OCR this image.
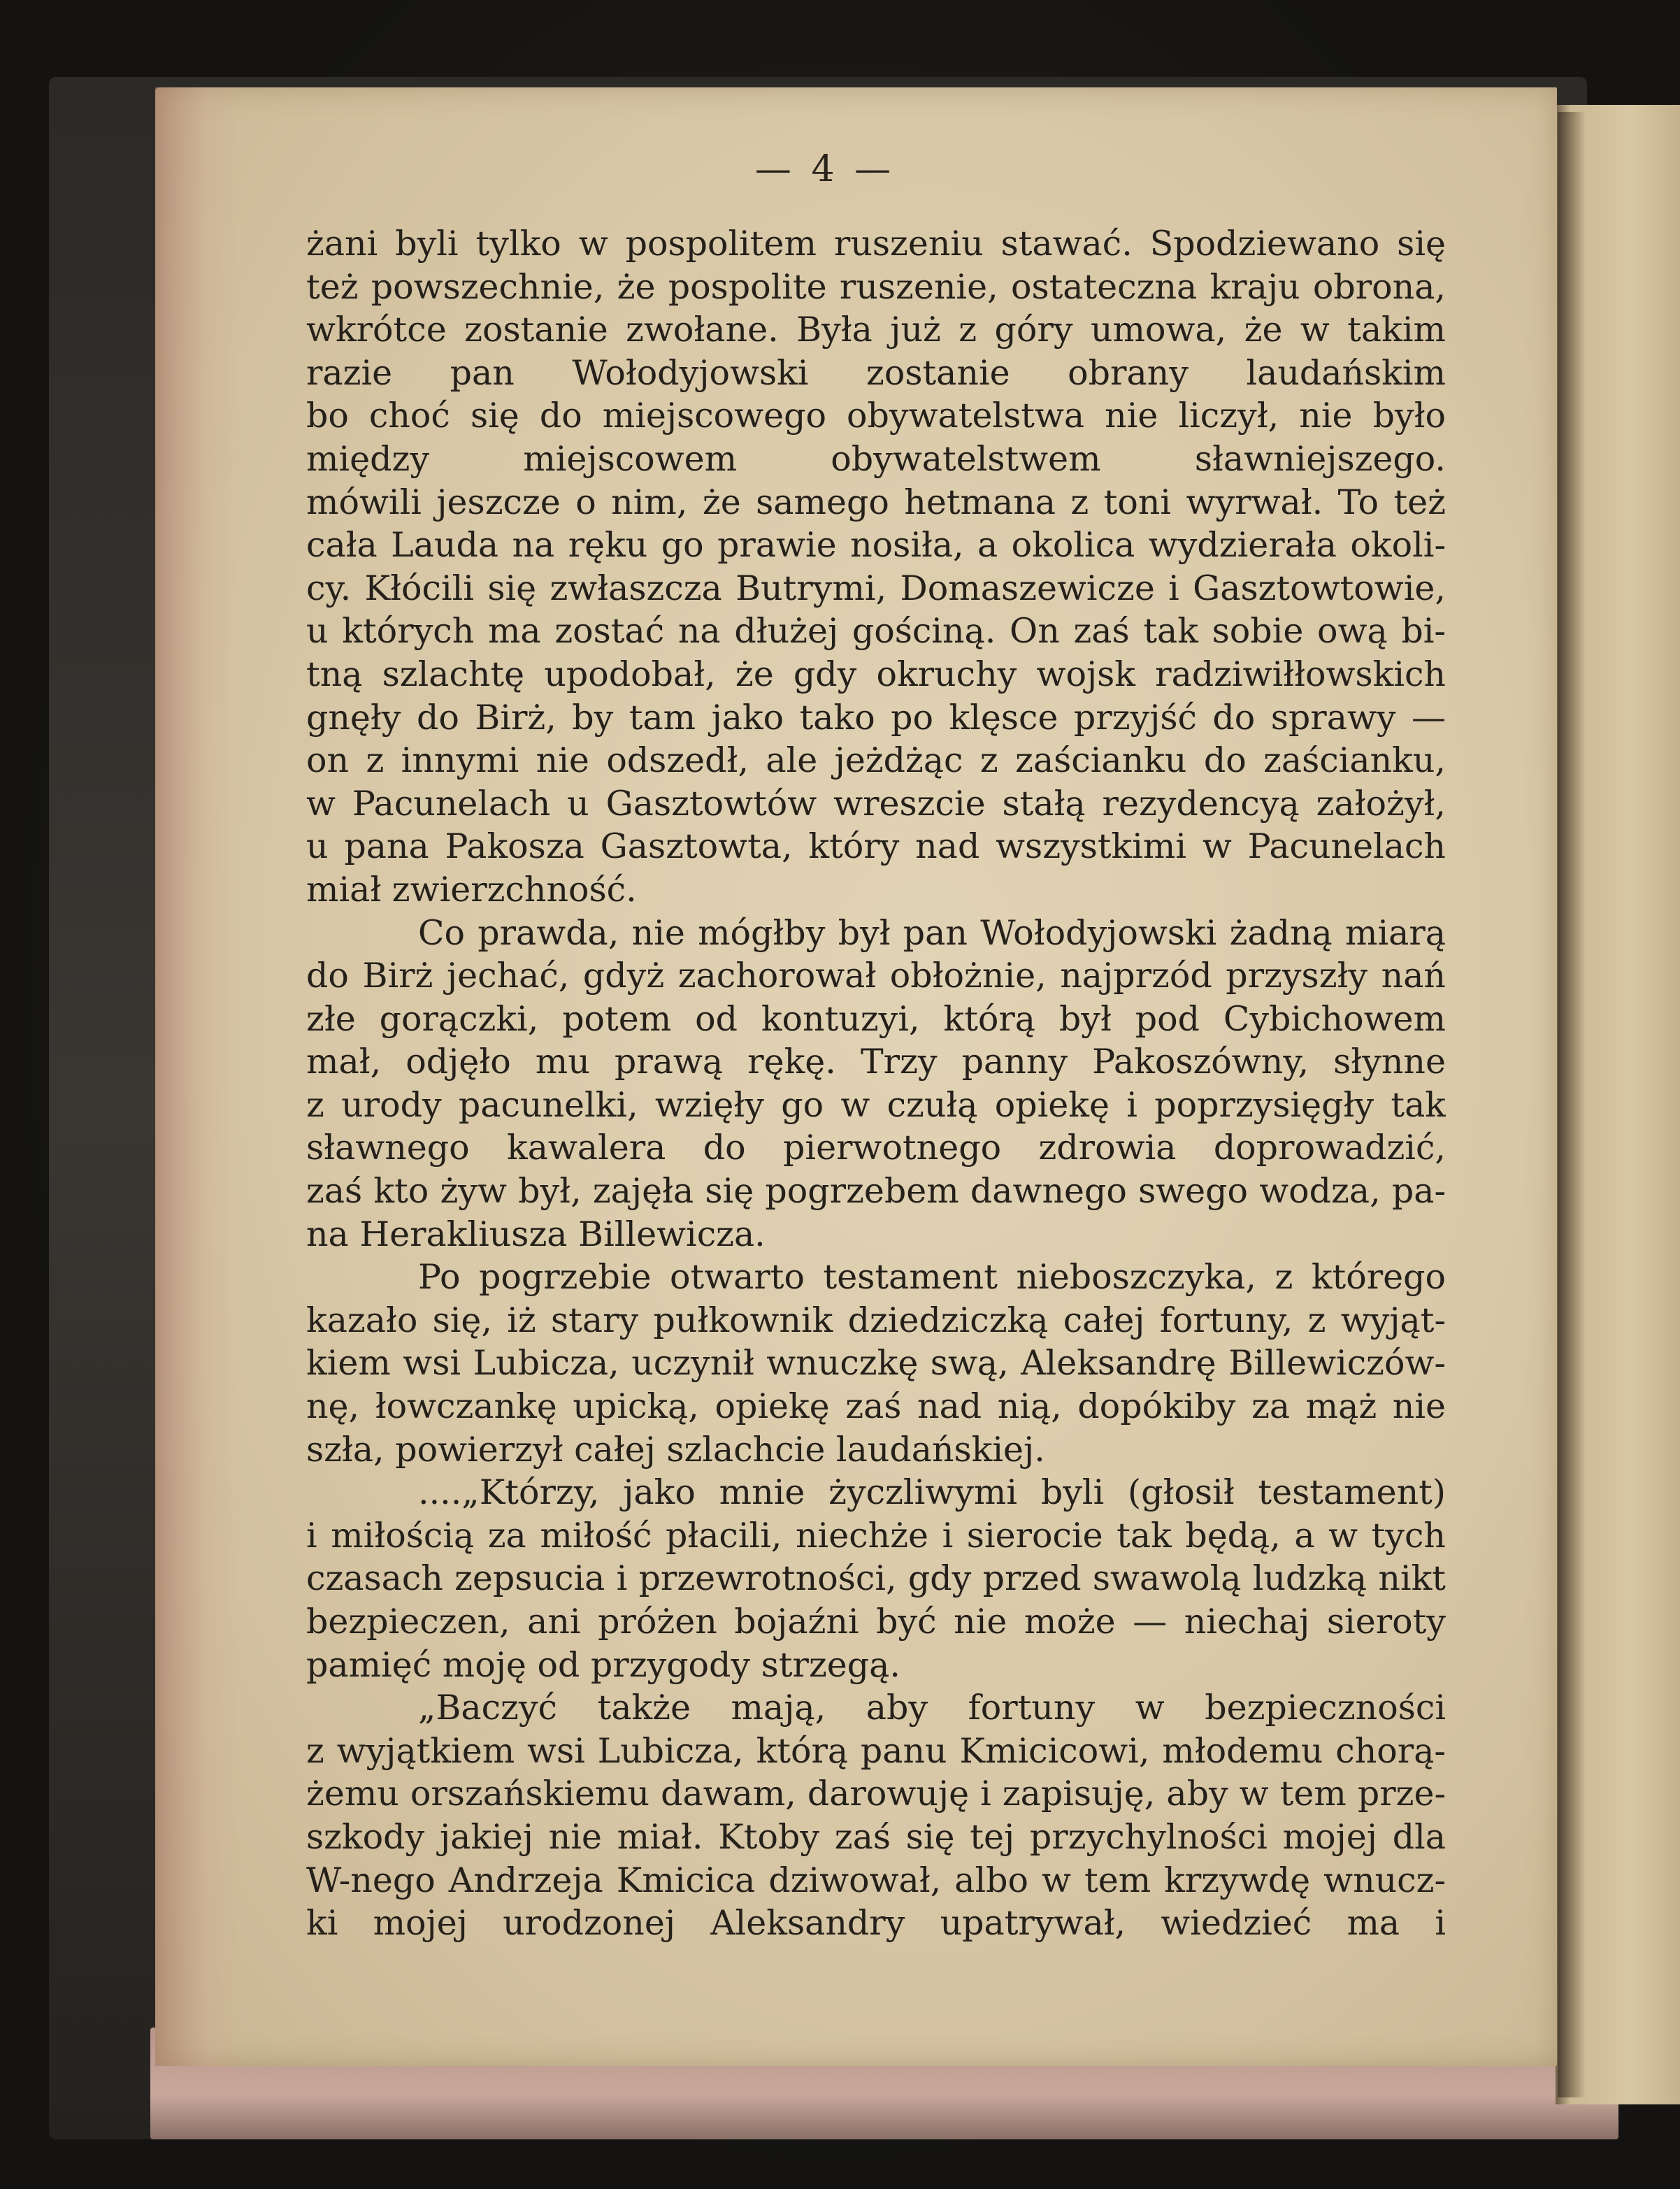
— 4 —
żani byli tylko w pospolitem ruszeniu stawać. Spodziewano się
też powszechnie, że pospolite ruszenie, ostateczna kraju obrona,
wkrótce zostanie zwołane. Była już z góry umowa, że w takim
razie pan Wołodyjowski zostanie obrany laudańskim
bo choć się do miejscowego obywatelstwa nie liczył, nie było
między miejscowem obywatelstwem sławniejszego.
mówili jeszcze o nim, że samego hetmana z toni wyrwał. To też
cała Lauda na ręku go prawie nosiła, a okolica wydzierała okoli-
cy. Kłócili się zwłaszcza Butrymi, Domaszewicze i Gasztowtowie,
u których ma zostać na dłużej gościną. On zaś tak sobie ową bi-
tną szlachtę upodobał, że gdy okruchy wojsk radziwiłłowskich
gnęły do Birż, by tam jako tako po klęsce przyjść do sprawy —
on z innymi nie odszedł, ale jeżdżąc z zaścianku do zaścianku,
w Pacunelach u Gasztowtów wreszcie stałą rezydencyą założył,
u pana Pakosza Gasztowta, który nad wszystkimi w Pacunelach
miał zwierzchność.
Co prawda, nie mógłby był pan Wołodyjowski żadną miarą
do Birż jechać, gdyż zachorował obłożnie, najprzód przyszły nań
złe gorączki, potem od kontuzyi, którą był pod Cybichowem
mał, odjęło mu prawą rękę. Trzy panny Pakoszówny, słynne
z urody pacunelki, wzięły go w czułą opiekę i poprzysięgły tak
sławnego kawalera do pierwotnego zdrowia doprowadzić,
zaś kto żyw był, zajęła się pogrzebem dawnego swego wodza, pa-
na Herakliusza Billewicza.
Po pogrzebie otwarto testament nieboszczyka, z którego
kazało się, iż stary pułkownik dziedziczką całej fortuny, z wyjąt-
kiem wsi Lubicza, uczynił wnuczkę swą, Aleksandrę Billewiczów-
nę, łowczankę upicką, opiekę zaś nad nią, dopókiby za mąż nie
szła, powierzył całej szlachcie laudańskiej.
....„Którzy, jako mnie życzliwymi byli (głosił testament)
i miłością za miłość płacili, niechże i sierocie tak będą, a w tych
czasach zepsucia i przewrotności, gdy przed swawolą ludzką nikt
bezpieczen, ani próżen bojaźni być nie może — niechaj sieroty
pamięć moję od przygody strzegą.
„Baczyć także mają, aby fortuny w bezpieczności
z wyjątkiem wsi Lubicza, którą panu Kmicicowi, młodemu chorą-
żemu orszańskiemu dawam, darowuję i zapisuję, aby w tem prze-
szkody jakiej nie miał. Ktoby zaś się tej przychylności mojej dla
W-nego Andrzeja Kmicica dziwował, albo w tem krzywdę wnucz-
ki mojej urodzonej Aleksandry upatrywał, wiedzieć ma i
